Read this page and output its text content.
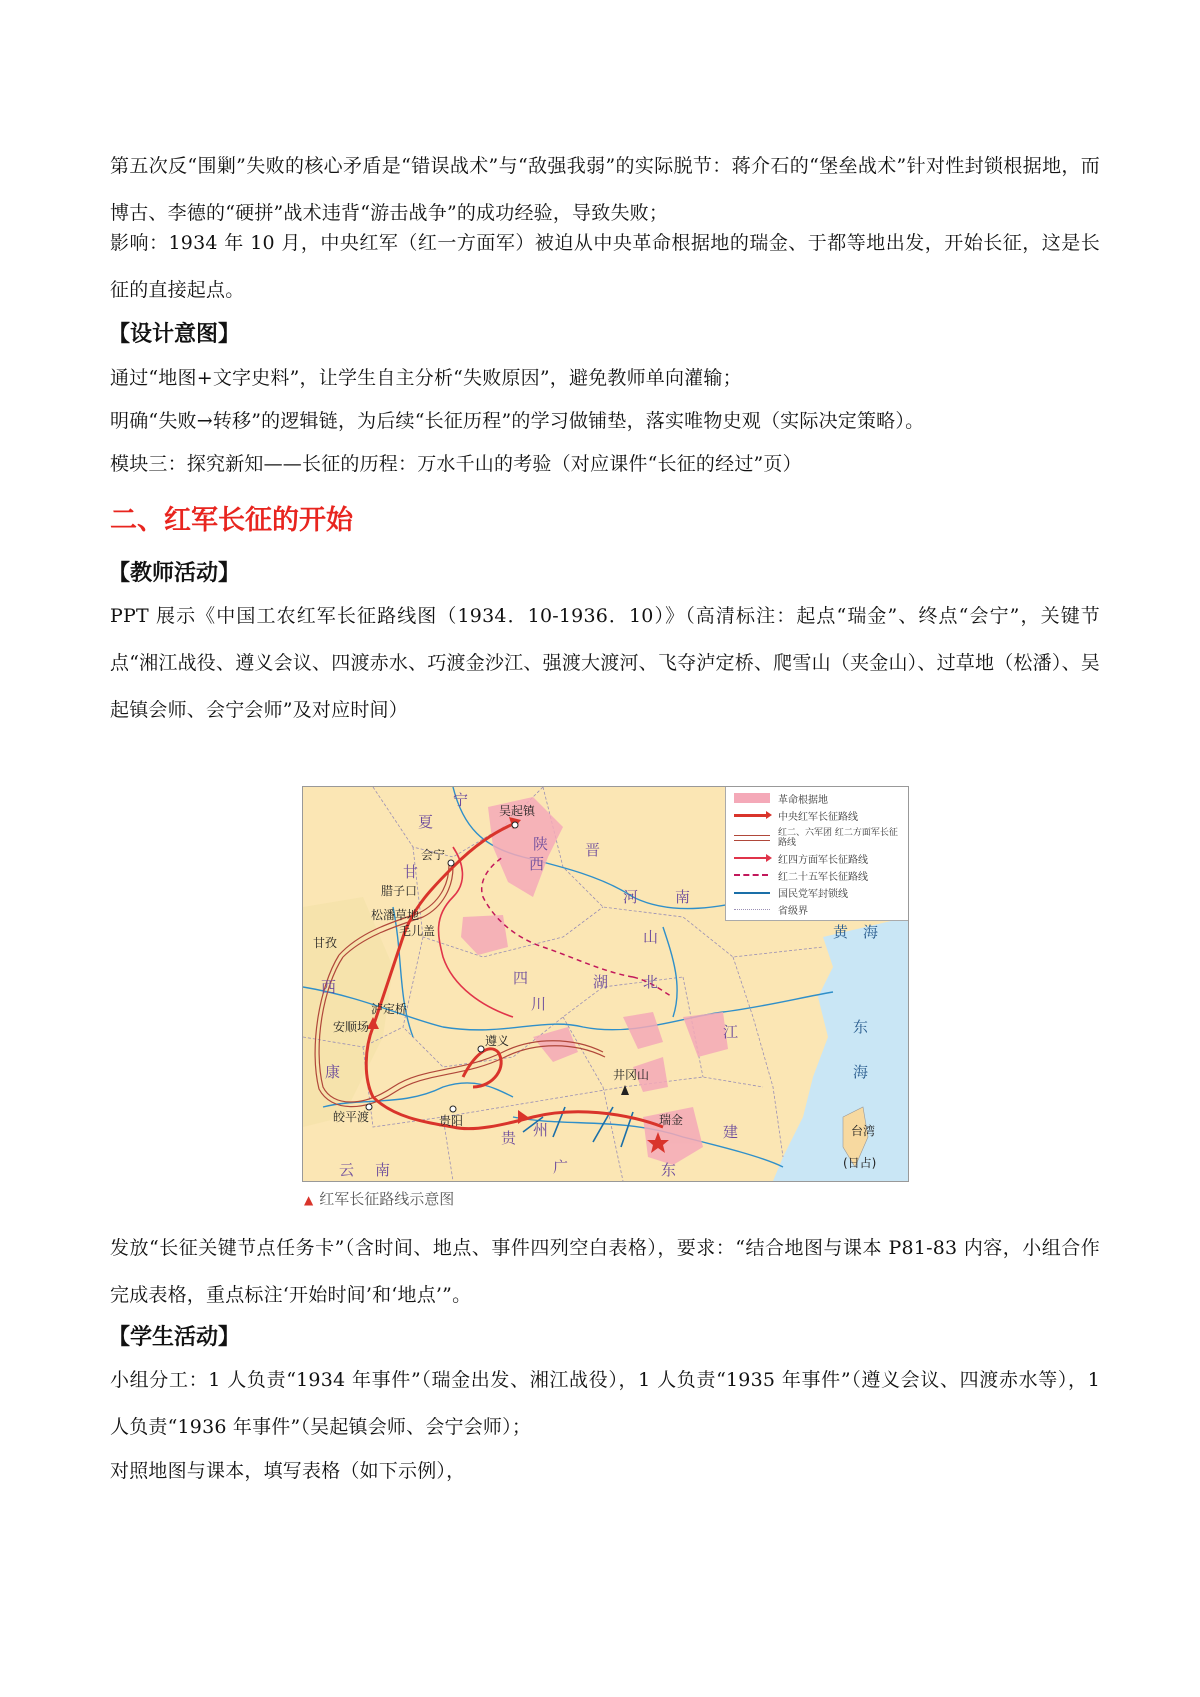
第五次反“围剿”失败的核心矛盾是“错误战术”与“敌强我弱”的实际脱节：蒋介石的“堡垒战术”针对性封锁根据地，而博古、李德的“硬拼”战术违背“游击战争”的成功经验，导致失败；

影响：1934 年 10 月，中央红军（红一方面军）被迫从中央革命根据地的瑞金、于都等地出发，开始长征，这是长征的直接起点。

【设计意图】

通过“地图+文字史料”，让学生自主分析“失败原因”，避免教师单向灌输；

明确“失败→转移”的逻辑链，为后续“长征历程”的学习做铺垫，落实唯物史观（实际决定策略）。

模块三：探究新知——长征的历程：万水千山的考验（对应课件“长征的经过”页）

二、红军长征的开始
【教师活动】

PPT 展示《中国工农红军长征路线图（1934．10-1936．10）》（高清标注：起点“瑞金”、终点“会宁”，关键节点“湘江战役、遵义会议、四渡赤水、巧渡金沙江、强渡大渡河、飞夺泸定桥、爬雪山（夹金山）、过草地（松潘）、吴起镇会师、会宁会师”及对应时间）

吴起镇
会宁
腊子口
松潘草地
毛儿盖
甘孜
泸定桥
安顺场
皎平渡
遵义
贵阳
井冈山
瑞金
台湾
(日占)
宁
夏
甘
陕
西
四
川
康
云 南
贵 州
湖 北
河 南
广
西
东
建
江
山
晋
黄 海
东
海
革命根据地
中央红军长征路线
红二、六军团 红二方面军长征路线
红四方面军长征路线
红二十五军长征路线
国民党军封锁线
省级界
▲ 红军长征路线示意图

发放“长征关键节点任务卡”（含时间、地点、事件四列空白表格），要求：“结合地图与课本 P81-83 内容，小组合作完成表格，重点标注‘开始时间’和‘地点’”。

【学生活动】

小组分工：1 人负责“1934 年事件”（瑞金出发、湘江战役），1 人负责“1935 年事件”（遵义会议、四渡赤水等），1 人负责“1936 年事件”（吴起镇会师、会宁会师）；

对照地图与课本，填写表格（如下示例），
